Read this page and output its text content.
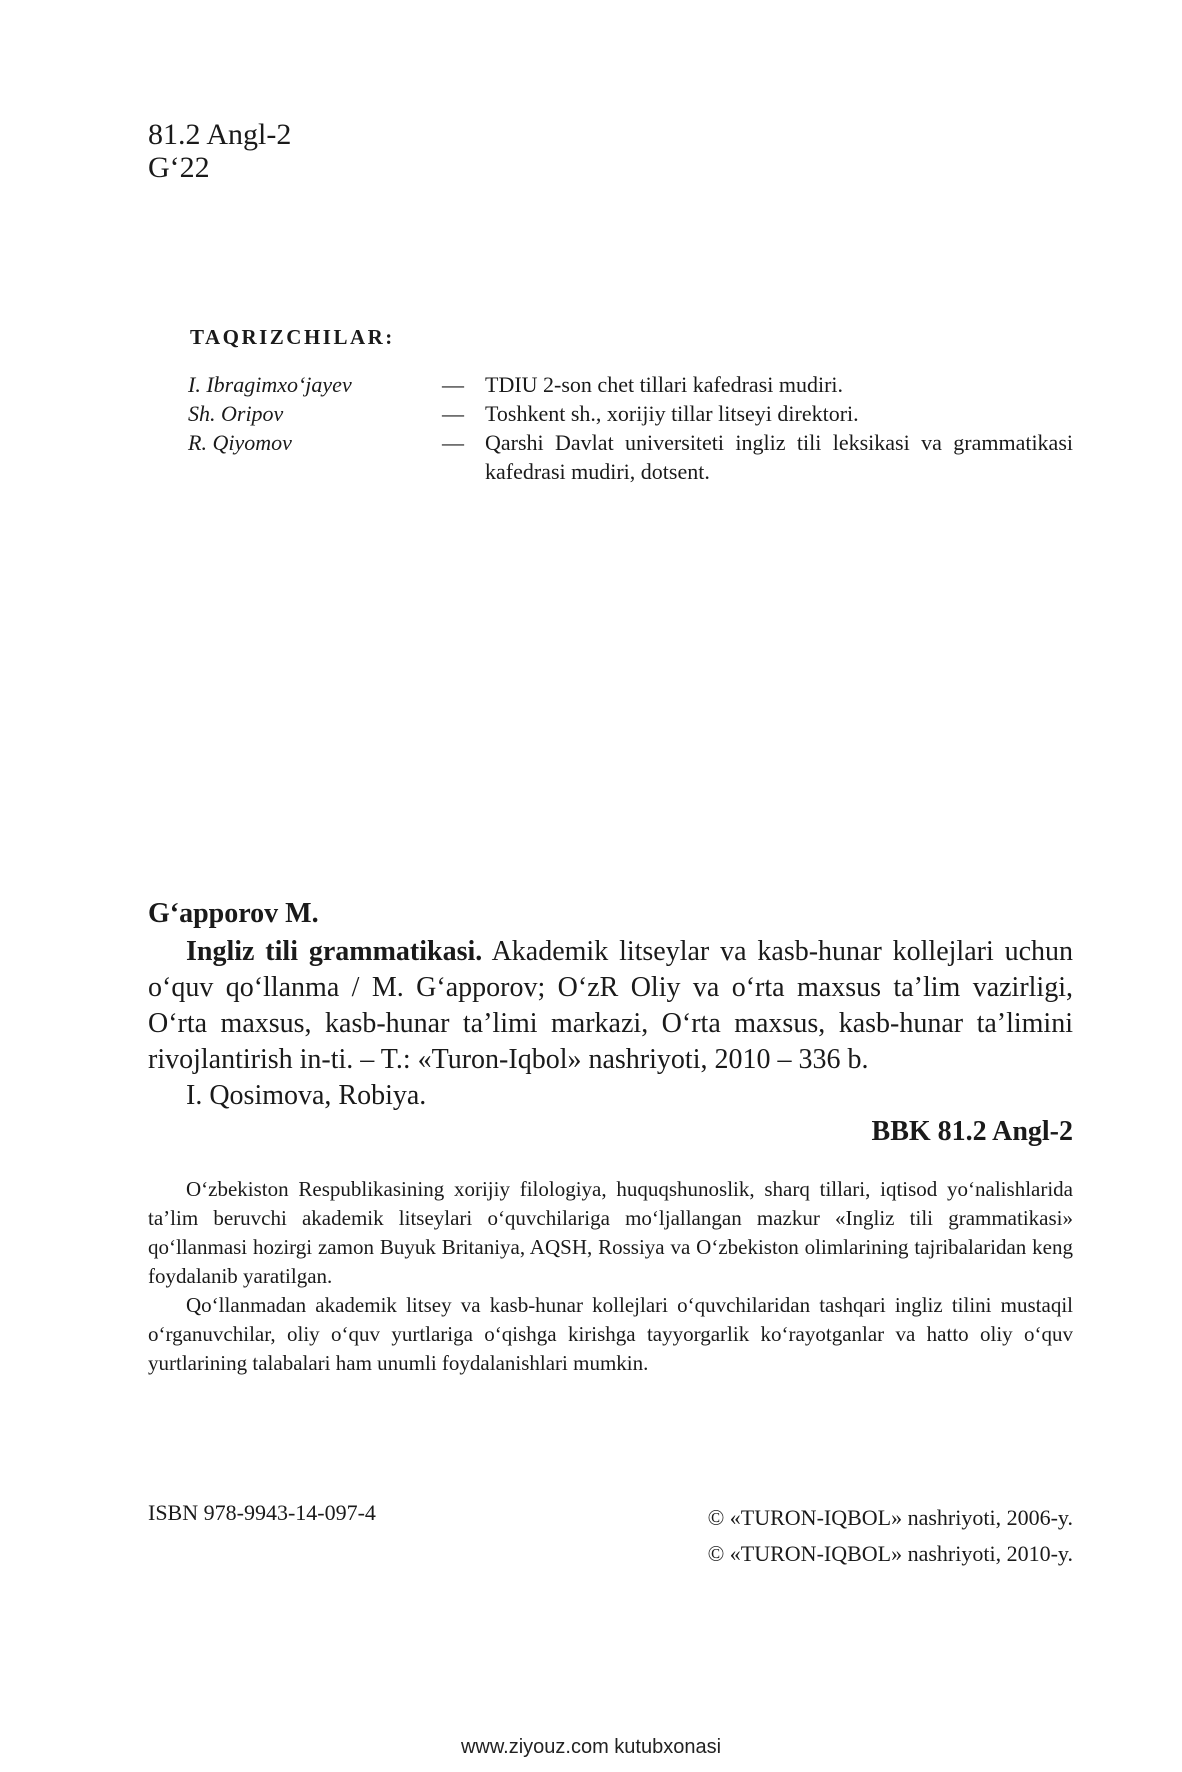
81.2 Angl-2
G‘22
TAQRIZCHILAR:
I. Ibragimxo‘jayev	— TDIU 2-son chet tillari kafedrasi mudiri.
Sh. Oripov	— Toshkent sh., xorijiy tillar litseyi direktori.
R. Qiyomov	— Qarshi Davlat universiteti ingliz tili leksikasi va grammatikasi kafedrasi mudiri, dotsent.
G‘apporov M.
Ingliz tili grammatikasi. Akademik litseylar va kasb-hunar kollejlari uchun o‘quv qo‘llanma / M. G‘apporov; O‘zR Oliy va o‘rta maxsus ta’lim vazirligi, O‘rta maxsus, kasb-hunar ta’limi markazi, O‘rta maxsus, kasb-hunar ta’limini rivojlantirish in-ti. – T.: «Turon-Iqbol» nashriyoti, 2010 – 336 b.
I. Qosimova, Robiya.
BBK 81.2 Angl-2

O‘zbekiston Respublikasining xorijiy filologiya, huquqshunoslik, sharq tillari, iqtisod yo‘nalishlarida ta’lim beruvchi akademik litseylari o‘quvchilariga mo‘ljallangan mazkur «Ingliz tili grammatikasi» qo‘llanmasi hozirgi zamon Buyuk Britaniya, AQSH, Rossiya va O‘zbekiston olimlarining tajribalaridan keng foydalanib yaratilgan.

Qo‘llanmadan akademik litsey va kasb-hunar kollejlari o‘quvchilaridan tashqari ingliz tilini mustaqil o‘rganuvchilar, oliy o‘quv yurtlariga o‘qishga kirishga tayyorgarlik ko‘rayotganlar va hatto oliy o‘quv yurtlarining talabalari ham unumli foydalanishlari mumkin.

ISBN 978-9943-14-097-4	© «TURON-IQBOL» nashriyoti, 2006-y.
© «TURON-IQBOL» nashriyoti, 2010-y.
www.ziyouz.com kutubxonasi
